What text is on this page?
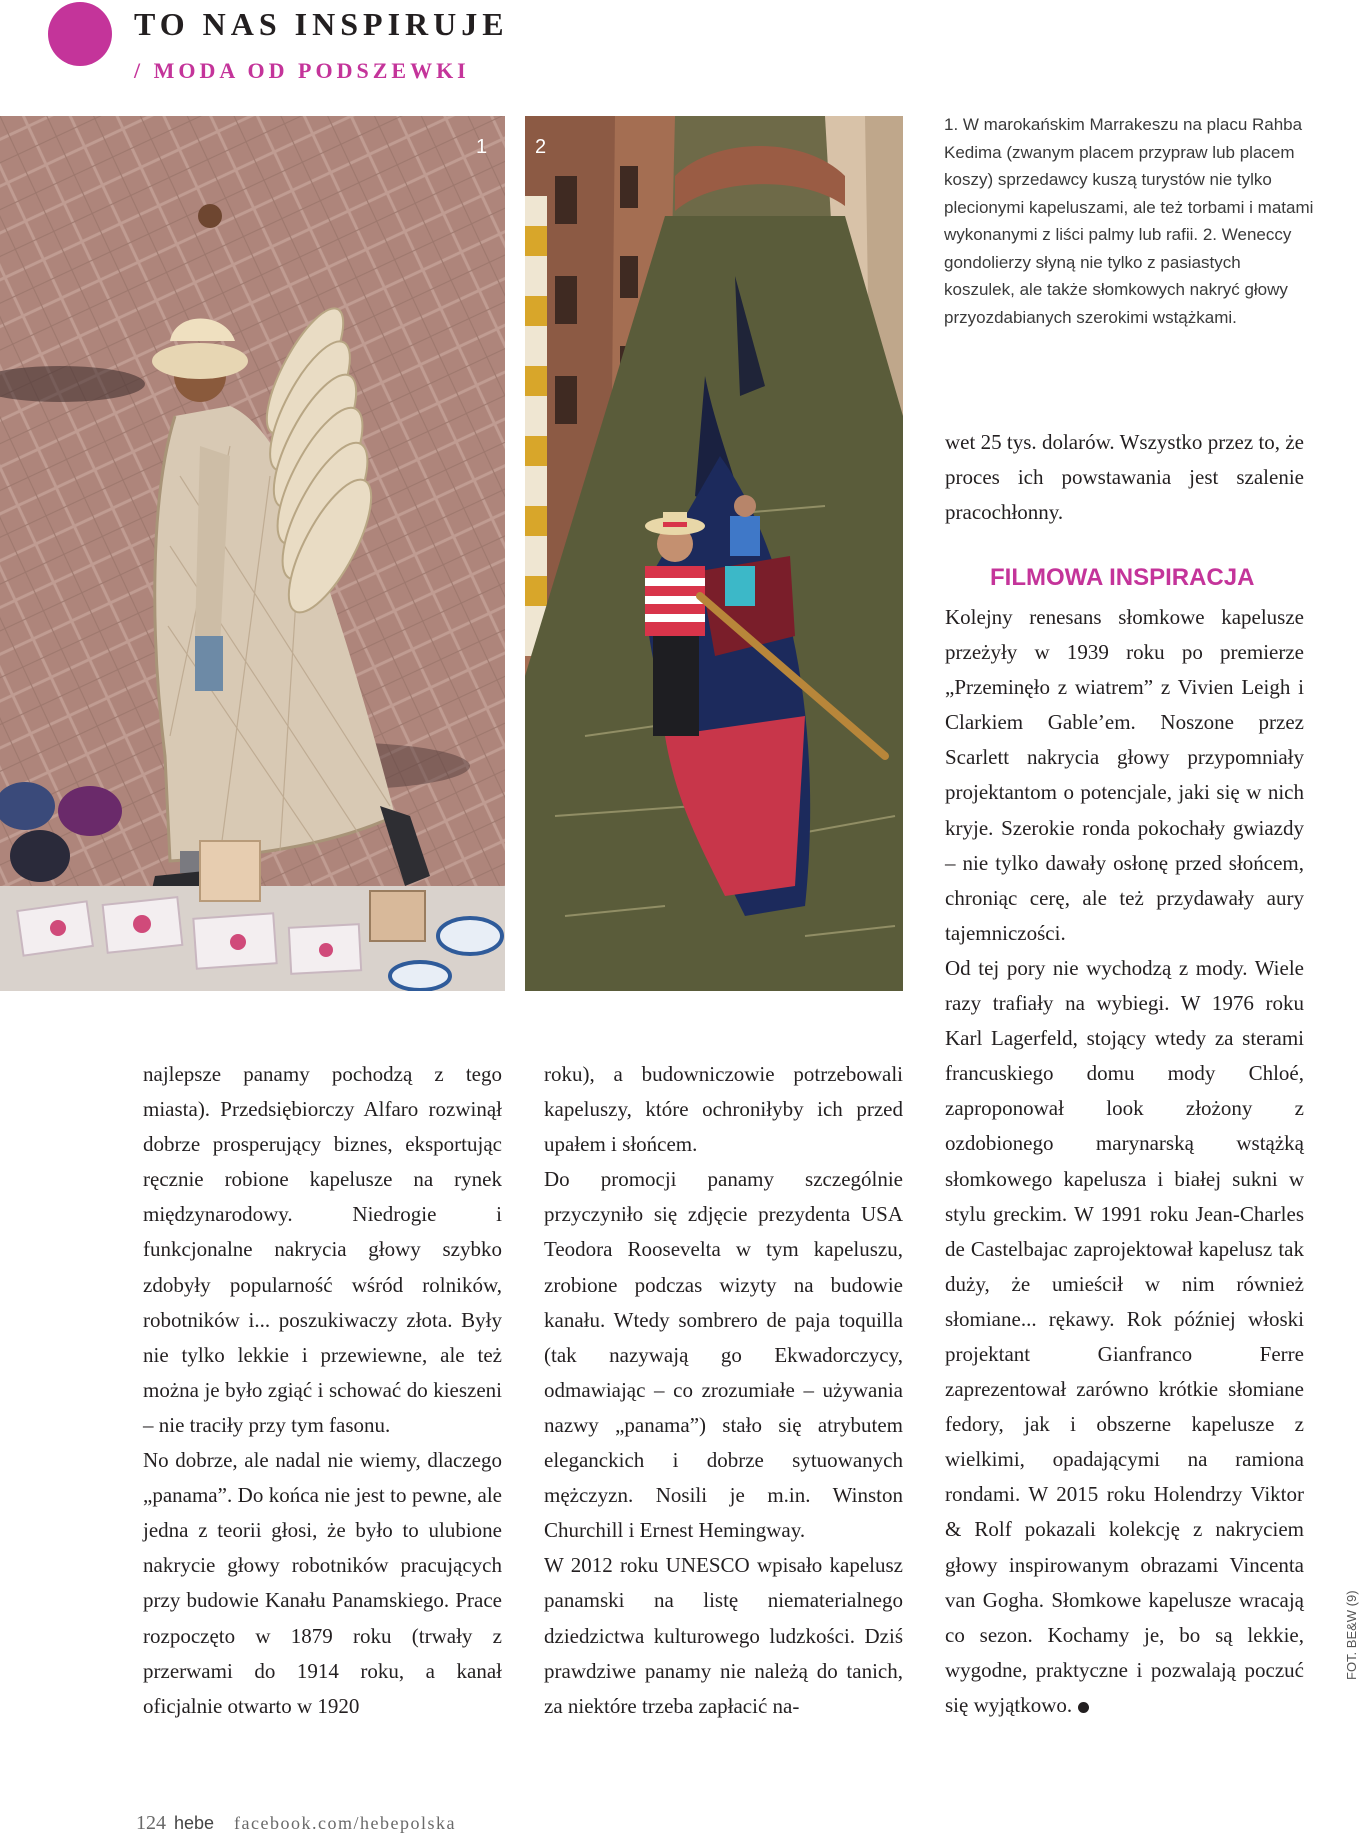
TO NAS INSPIRUJE
/ MODA OD PODSZEWKI
1 2

1. W marokańskim Marrakeszu na placu Rahba Kedima (zwanym placem przypraw lub placem koszy) sprzedawcy kuszą turystów nie tylko plecionymi kapeluszami, ale też torbami i matami wykonanymi z liści palmy lub rafii. 2. Weneccy gondolierzy słyną nie tylko z pasiastych koszulek, ale także słomkowych nakryć głowy przyozdabianych szerokimi wstążkami.

najlepsze panamy pochodzą z tego miasta). Przedsiębiorczy Alfaro rozwinął dobrze prosperujący biznes, eksportując ręcznie robione kapelusze na rynek międzynarodowy. Niedrogie i funkcjonalne nakrycia głowy szybko zdobyły popularność wśród rolników, robotników i... poszukiwaczy złota. Były nie tylko lekkie i przewiewne, ale też można je było zgiąć i schować do kieszeni – nie traciły przy tym fasonu.

No dobrze, ale nadal nie wiemy, dlaczego „panama”. Do końca nie jest to pewne, ale jedna z teorii głosi, że było to ulubione nakrycie głowy robotników pracujących przy budowie Kanału Panamskiego. Prace rozpoczęto w 1879 roku (trwały z przerwami do 1914 roku, a kanał oficjalnie otwarto w 1920

roku), a budowniczowie potrzebowali kapeluszy, które ochroniłyby ich przed upałem i słońcem.

Do promocji panamy szczególnie przyczyniło się zdjęcie prezydenta USA Teodora Roosevelta w tym kapeluszu, zrobione podczas wizyty na budowie kanału. Wtedy sombrero de paja toquilla (tak nazywają go Ekwadorczycy, odmawiając – co zrozumiałe – używania nazwy „panama”) stało się atrybutem eleganckich i dobrze sytuowanych mężczyzn. Nosili je m.in. Winston Churchill i Ernest Hemingway.

W 2012 roku UNESCO wpisało kapelusz panamski na listę niematerialnego dziedzictwa kulturowego ludzkości. Dziś prawdziwe panamy nie należą do tanich, za niektóre trzeba zapłacić na-

wet 25 tys. dolarów. Wszystko przez to, że proces ich powstawania jest szalenie pracochłonny.

FILMOWA INSPIRACJA

Kolejny renesans słomkowe kapelusze przeżyły w 1939 roku po premierze „Przeminęło z wiatrem” z Vivien Leigh i Clarkiem Gable’em. Noszone przez Scarlett nakrycia głowy przypomniały projektantom o potencjale, jaki się w nich kryje. Szerokie ronda pokochały gwiazdy – nie tylko dawały osłonę przed słońcem, chroniąc cerę, ale też przydawały aury tajemniczości.

Od tej pory nie wychodzą z mody. Wiele razy trafiały na wybiegi. W 1976 roku Karl Lagerfeld, stojący wtedy za sterami francuskiego domu mody Chloé, zaproponował look złożony z ozdobionego marynarską wstążką słomkowego kapelusza i białej sukni w stylu greckim. W 1991 roku Jean-Charles de Castelbajac zaprojektował kapelusz tak duży, że umieścił w nim również słomiane... rękawy. Rok później włoski projektant Gianfranco Ferre zaprezentował zarówno krótkie słomiane fedory, jak i obszerne kapelusze z wielkimi, opadającymi na ramiona rondami. W 2015 roku Holendrzy Viktor & Rolf pokazali kolekcję z nakryciem głowy inspirowanym obrazami Vincenta van Gogha. Słomkowe kapelusze wracają co sezon. Kochamy je, bo są lekkie, wygodne, praktyczne i pozwalają poczuć się wyjątkowo.

FOT. BE&W (9)
124 hebe facebook.com/hebepolska
